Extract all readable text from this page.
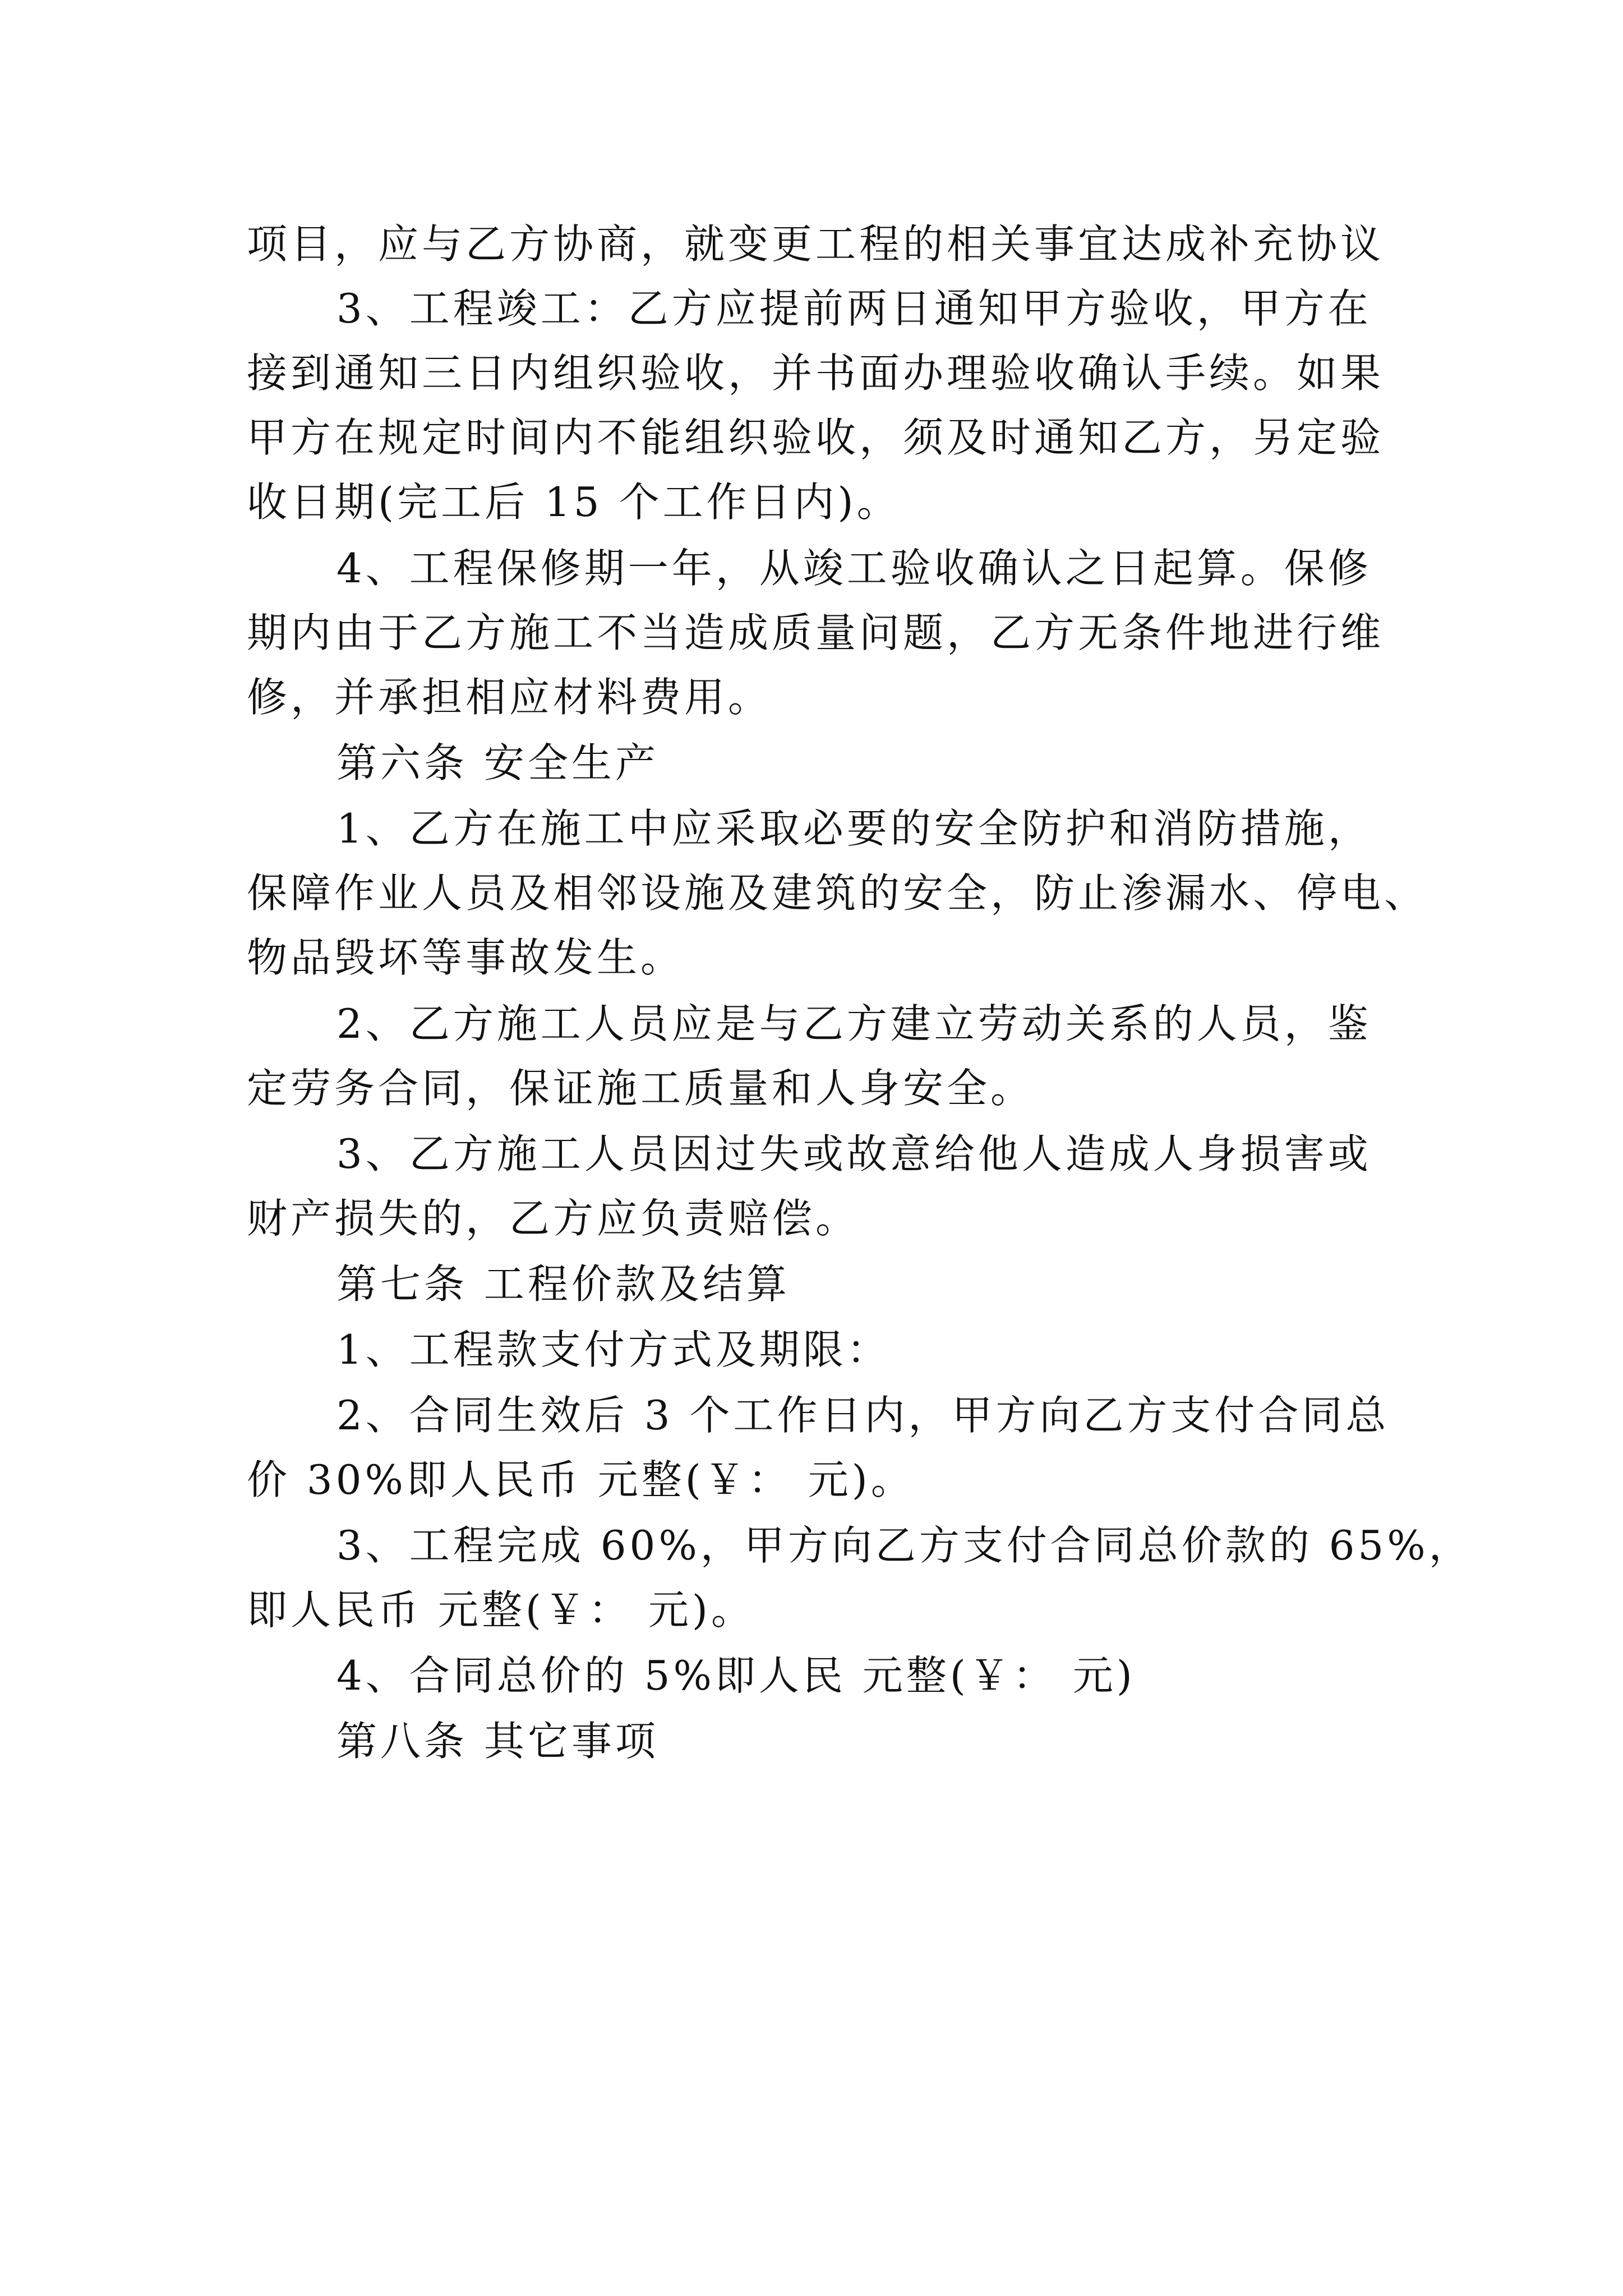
项目，应与乙方协商，就变更工程的相关事宜达成补充协议
3、工程竣工：乙方应提前两日通知甲方验收，甲方在
接到通知三日内组织验收，并书面办理验收确认手续。如果
甲方在规定时间内不能组织验收，须及时通知乙方，另定验
收日期(完工后 15 个工作日内)。
4、工程保修期一年，从竣工验收确认之日起算。保修
期内由于乙方施工不当造成质量问题，乙方无条件地进行维
修，并承担相应材料费用。
第六条 安全生产
1、乙方在施工中应采取必要的安全防护和消防措施，
保障作业人员及相邻设施及建筑的安全，防止渗漏水、停电、
物品毁坏等事故发生。
2、乙方施工人员应是与乙方建立劳动关系的人员，鉴
定劳务合同，保证施工质量和人身安全。
3、乙方施工人员因过失或故意给他人造成人身损害或
财产损失的，乙方应负责赔偿。
第七条 工程价款及结算
1、工程款支付方式及期限：
2、合同生效后 3 个工作日内，甲方向乙方支付合同总
价 30%即人民币 元整(￥： 元)。
3、工程完成 60%，甲方向乙方支付合同总价款的 65%，
即人民币 元整(￥： 元)。
4、合同总价的 5%即人民 元整(￥： 元)
第八条 其它事项
